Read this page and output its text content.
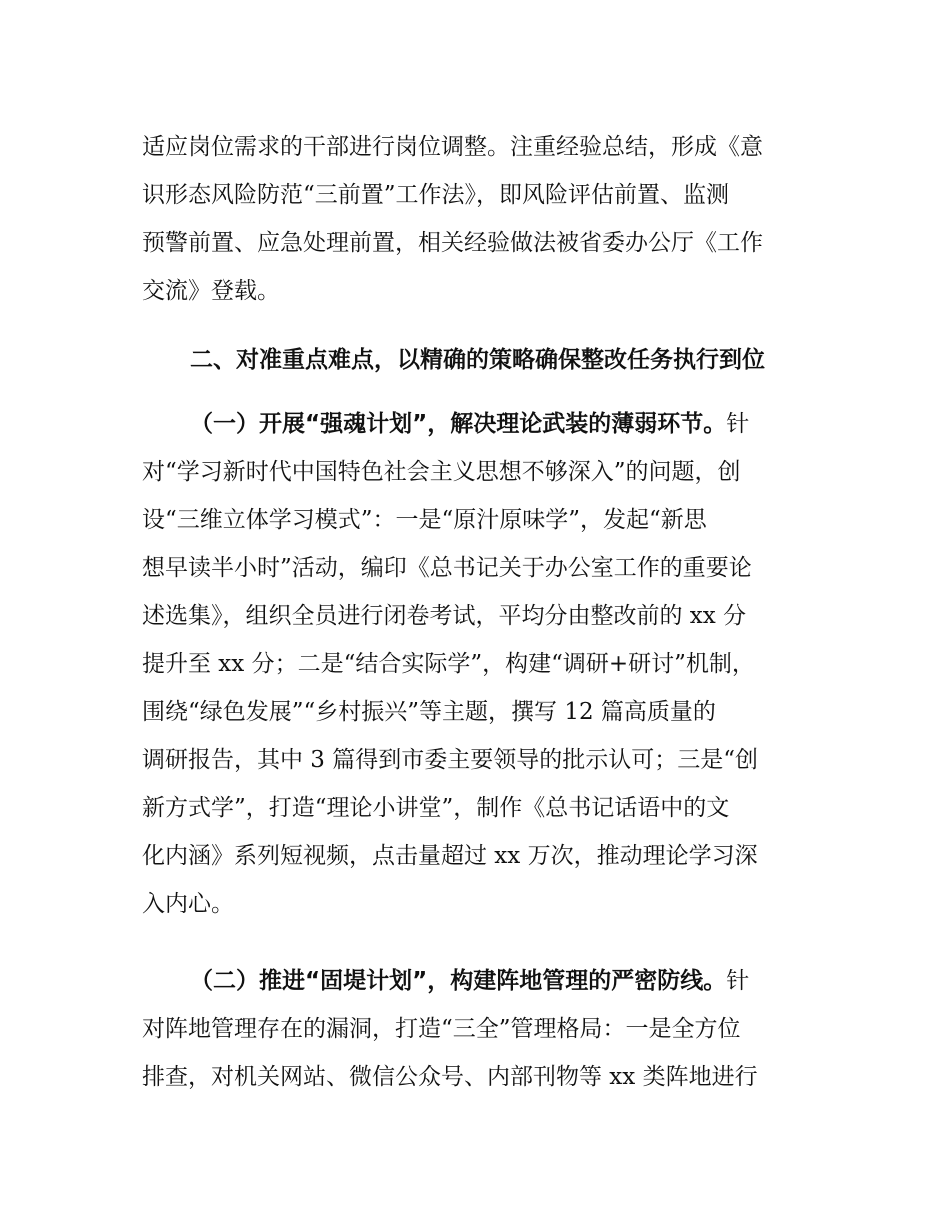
适应岗位需求的干部进行岗位调整。注重经验总结，形成《意
识形态风险防范“三前置”工作法》，即风险评估前置、监测
预警前置、应急处理前置，相关经验做法被省委办公厅《工作
交流》登载。
二、对准重点难点，以精确的策略确保整改任务执行到位
（一）开展“强魂计划”，解决理论武装的薄弱环节。针
对“学习新时代中国特色社会主义思想不够深入”的问题，创
设“三维立体学习模式”：一是“原汁原味学”，发起“新思
想早读半小时”活动，编印《总书记关于办公室工作的重要论
述选集》，组织全员进行闭卷考试，平均分由整改前的 xx 分
提升至 xx 分；二是“结合实际学”，构建“调研+研讨”机制，
围绕“绿色发展”“乡村振兴”等主题，撰写 12 篇高质量的
调研报告，其中 3 篇得到市委主要领导的批示认可；三是“创
新方式学”，打造“理论小讲堂”，制作《总书记话语中的文
化内涵》系列短视频，点击量超过 xx 万次，推动理论学习深
入内心。
（二）推进“固堤计划”，构建阵地管理的严密防线。针
对阵地管理存在的漏洞，打造“三全”管理格局：一是全方位
排查，对机关网站、微信公众号、内部刊物等 xx 类阵地进行
